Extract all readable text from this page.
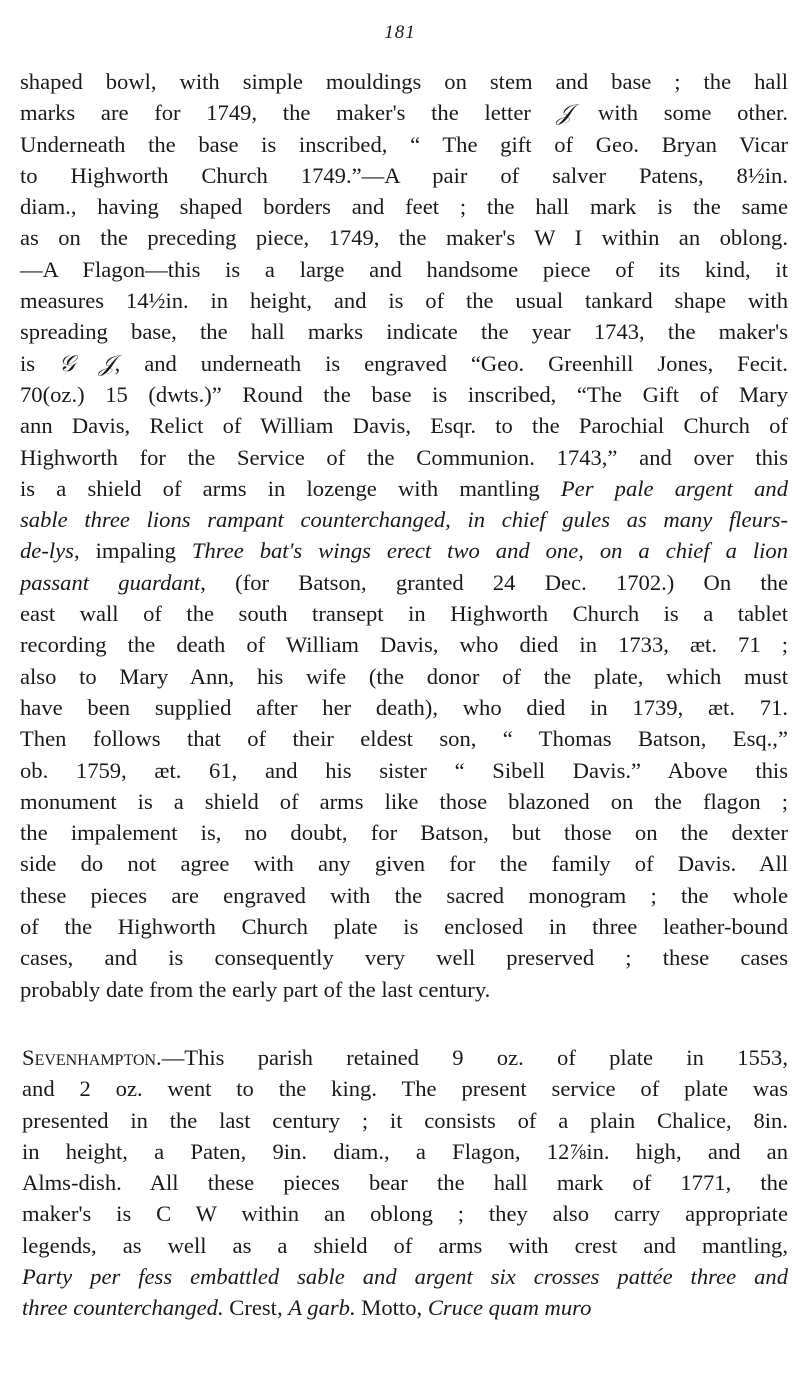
181

shaped bowl, with simple mouldings on stem and base ; the hall
marks are for 1749, the maker's the letter 𝒥 with some other.
Underneath the base is inscribed, “ The gift of Geo. Bryan Vicar
to Highworth Church 1749.”—A pair of salver Patens, 8½in.
diam., having shaped borders and feet ; the hall mark is the same
as on the preceding piece, 1749, the maker's W I within an oblong.
—A Flagon—this is a large and handsome piece of its kind, it
measures 14½in. in height, and is of the usual tankard shape with
spreading base, the hall marks indicate the year 1743, the maker's
is 𝒢 𝒥, and underneath is engraved “Geo. Greenhill Jones, Fecit.
70(oz.) 15 (dwts.)” Round the base is inscribed, “The Gift of Mary
ann Davis, Relict of William Davis, Esqr. to the Parochial Church of
Highworth for the Service of the Communion. 1743,” and over this
is a shield of arms in lozenge with mantling Per pale argent and
sable three lions rampant counterchanged, in chief gules as many fleurs-
de-lys, impaling Three bat's wings erect two and one, on a chief a lion
passant guardant, (for Batson, granted 24 Dec. 1702.) On the
east wall of the south transept in Highworth Church is a tablet
recording the death of William Davis, who died in 1733, æt. 71 ;
also to Mary Ann, his wife (the donor of the plate, which must
have been supplied after her death), who died in 1739, æt. 71.
Then follows that of their eldest son, “ Thomas Batson, Esq.,”
ob. 1759, æt. 61, and his sister “ Sibell Davis.” Above this
monument is a shield of arms like those blazoned on the flagon ;
the impalement is, no doubt, for Batson, but those on the dexter
side do not agree with any given for the family of Davis. All
these pieces are engraved with the sacred monogram ; the whole
of the Highworth Church plate is enclosed in three leather-bound
cases, and is consequently very well preserved ; these cases
probably date from the early part of the last century.

Sevenhampton.—This parish retained 9 oz. of plate in 1553,
and 2 oz. went to the king. The present service of plate was
presented in the last century ; it consists of a plain Chalice, 8in.
in height, a Paten, 9in. diam., a Flagon, 12⅞in. high, and an
Alms-dish. All these pieces bear the hall mark of 1771, the
maker's is C W within an oblong ; they also carry appropriate
legends, as well as a shield of arms with crest and mantling,
Party per fess embattled sable and argent six crosses pattée three and
three counterchanged. Crest, A garb. Motto, Cruce quam muro
